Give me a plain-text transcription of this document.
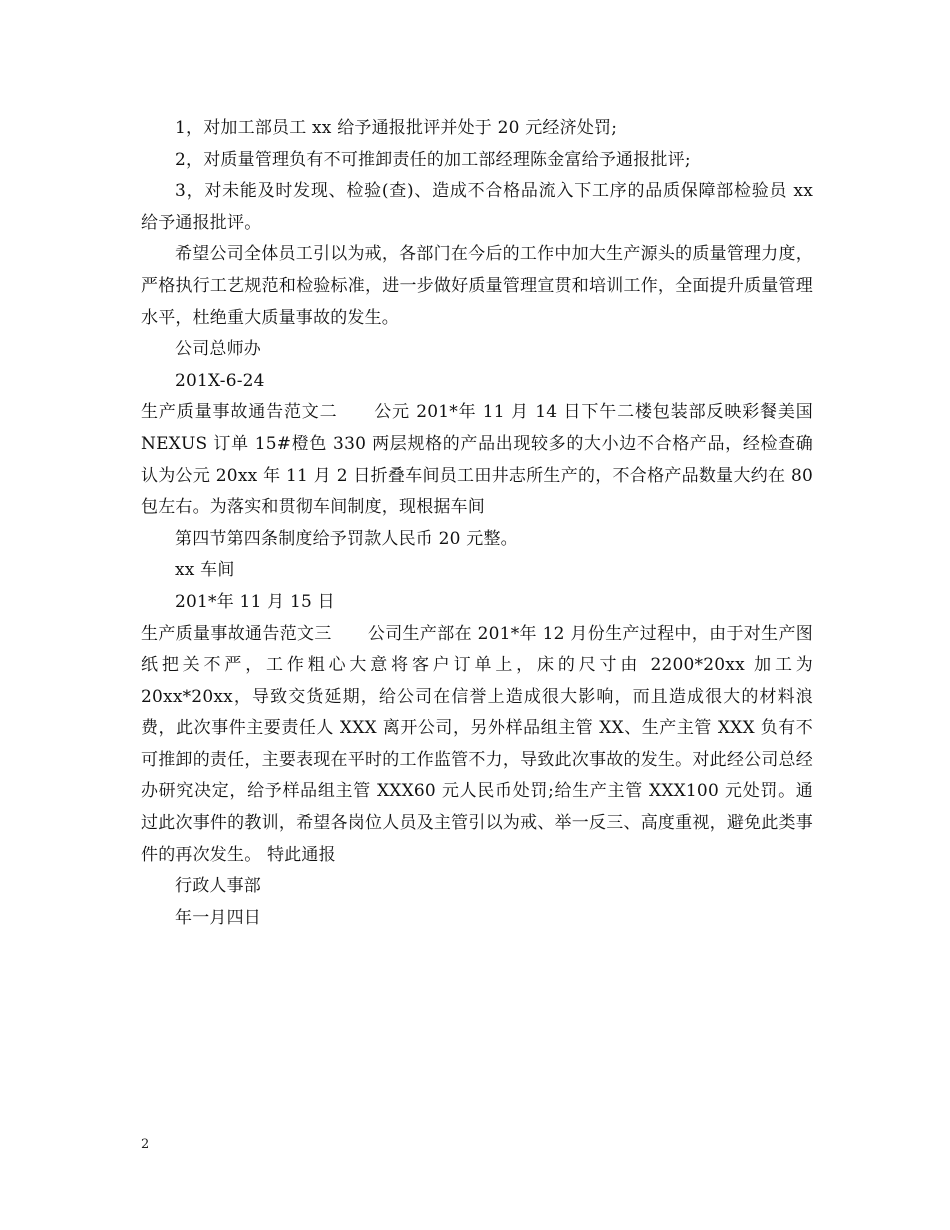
1，对加工部员工 xx 给予通报批评并处于 20 元经济处罚;

2，对质量管理负有不可推卸责任的加工部经理陈金富给予通报批评;

3，对未能及时发现、检验(查)、造成不合格品流入下工序的品质保障部检验员 xx 给予通报批评。

希望公司全体员工引以为戒，各部门在今后的工作中加大生产源头的质量管理力度，严格执行工艺规范和检验标准，进一步做好质量管理宣贯和培训工作，全面提升质量管理水平，杜绝重大质量事故的发生。

公司总师办

201X-6-24

生产质量事故通告范文二 公元 201*年 11 月 14 日下午二楼包装部反映彩餐美国 NEXUS 订单 15#橙色 330 两层规格的产品出现较多的大小边不合格产品，经检查确认为公元 20xx 年 11 月 2 日折叠车间员工田井志所生产的，不合格产品数量大约在 80 包左右。为落实和贯彻车间制度，现根据车间

第四节第四条制度给予罚款人民币 20 元整。

xx 车间

201*年 11 月 15 日

生产质量事故通告范文三 公司生产部在 201*年 12 月份生产过程中，由于对生产图纸把关不严，工作粗心大意将客户订单上，床的尺寸由 2200*20xx 加工为 20xx*20xx，导致交货延期，给公司在信誉上造成很大影响，而且造成很大的材料浪费，此次事件主要责任人 XXX 离开公司，另外样品组主管 XX、生产主管 XXX 负有不可推卸的责任，主要表现在平时的工作监管不力，导致此次事故的发生。对此经公司总经办研究决定，给予样品组主管 XXX60 元人民币处罚;给生产主管 XXX100 元处罚。通过此次事件的教训，希望各岗位人员及主管引以为戒、举一反三、高度重视，避免此类事件的再次发生。 特此通报

行政人事部

年一月四日

2
